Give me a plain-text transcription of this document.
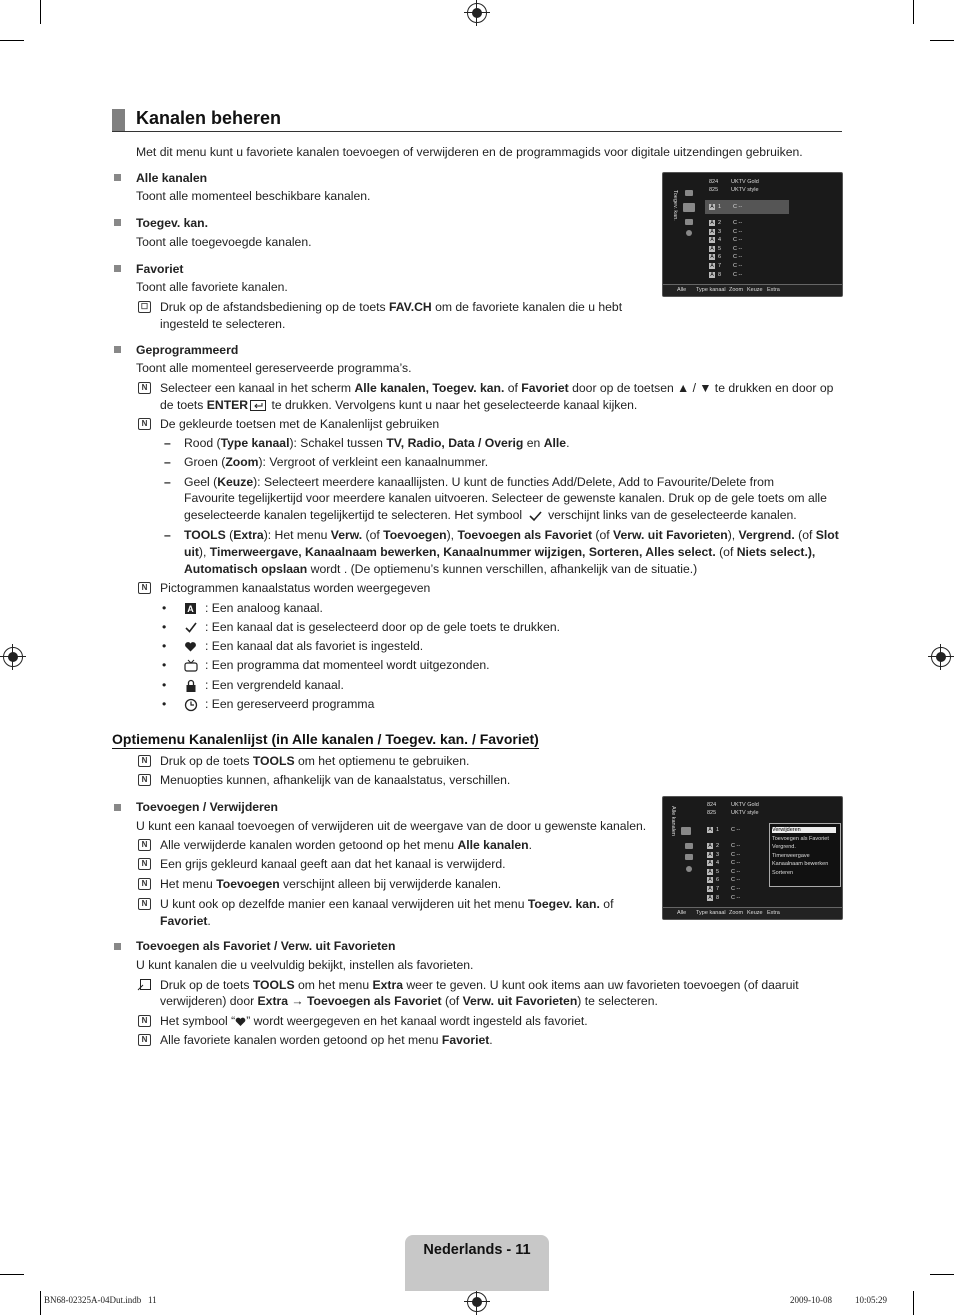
Kanalen beheren
Met dit menu kunt u favoriete kanalen toevoegen of verwijderen en de programmagids voor digitale uitzendingen gebruiken.
Alle kanalen
Toont alle momenteel beschikbare kanalen.
Toegev. kan.
Toont alle toegevoegde kanalen.
Favoriet
Toont alle favoriete kanalen.
☐ Druk op de afstandsbediening op de toets FAV.CH om de favoriete kanalen die u hebt
ingesteld te selecteren.
Toegev. kan.
824 UKTV Gold
825 UKTV style
A 1 C --
A 2 C --
A 3 C --
A 4 C --
A 5 C --
A 6 C --
A 7 C --
A 8 C --
Alle Type kanaal Zoom Keuze Extra
Geprogrammeerd
Toont alle momenteel gereserveerde programma’s.
N Selecteer een kanaal in het scherm Alle kanalen, Toegev. kan. of Favoriet door op de toetsen ▲ / ▼ te drukken en door op
de toets ENTER te drukken. Vervolgens kunt u naar het geselecteerde kanaal kijken.
N De gekleurde toetsen met de Kanalenlijst gebruiken
– Rood (Type kanaal): Schakel tussen TV, Radio, Data / Overig en Alle.
– Groen (Zoom): Vergroot of verkleint een kanaalnummer.
– Geel (Keuze): Selecteert meerdere kanaallijsten. U kunt de functies Add/Delete, Add to Favourite/Delete from
Favourite tegelijkertijd voor meerdere kanalen uitvoeren. Selecteer de gewenste kanalen. Druk op de gele toets om alle
geselecteerde kanalen tegelijkertijd te selecteren. Het symbool verschijnt links van de geselecteerde kanalen.
– TOOLS (Extra): Het menu Verw. (of Toevoegen), Toevoegen als Favoriet (of Verw. uit Favorieten), Vergrend. (of Slot
uit), Timerweergave, Kanaalnaam bewerken, Kanaalnummer wijzigen, Sorteren, Alles select. (of Niets select.),
Automatisch opslaan wordt . (De optiemenu’s kunnen verschillen, afhankelijk van de situatie.)
N Pictogrammen kanaalstatus worden weergegeven
• A : Een analoog kanaal.
•	: Een kanaal dat is geselecteerd door op de gele toets te drukken.
•	: Een kanaal dat als favoriet is ingesteld.
•	: Een programma dat momenteel wordt uitgezonden.
•	: Een vergrendeld kanaal.
•	: Een gereserveerd programma
Optiemenu Kanalenlijst (in Alle kanalen / Toegev. kan. / Favoriet)
N Druk op de toets TOOLS om het optiemenu te gebruiken.
N Menuopties kunnen, afhankelijk van de kanaalstatus, verschillen.
Toevoegen / Verwijderen
U kunt een kanaal toevoegen of verwijderen uit de weergave van de door u gewenste kanalen.
N Alle verwijderde kanalen worden getoond op het menu Alle kanalen.
N Een grijs gekleurd kanaal geeft aan dat het kanaal is verwijderd.
N Het menu Toevoegen verschijnt alleen bij verwijderde kanalen.
N U kunt ook op dezelfde manier een kanaal verwijderen uit het menu Toegev. kan. of
Favoriet.
Alle kanalen
824	UKTV Gold
825	UKTV style
A 1 C --
A 2 C --
A 3 C --
A 4 C --
A 5 C --
A 6 C --
A 7 C --
A 8 C --
Verwijderen
Toevoegen als Favoriet
Vergrend.
Timerweergave
Kanaalnaam bewerken
Sorteren
Alle Type kanaal Zoom Keuze Extra
Toevoegen als Favoriet / Verw. uit Favorieten
U kunt kanalen die u veelvuldig bekijkt, instellen als favorieten.
Druk op de toets TOOLS om het menu Extra weer te geven. U kunt ook items aan uw favorieten toevoegen (of daaruit
verwijderen) door Extra → Toevoegen als Favoriet (of Verw. uit Favorieten) te selecteren.
N Het symbool “ ” wordt weergegeven en het kanaal wordt ingesteld als favoriet.
N Alle favoriete kanalen worden getoond op het menu Favoriet.
Nederlands - 11
BN68-02325A-04Dut.indb   11	2009-10-08   ￿￿ 10:05:29
